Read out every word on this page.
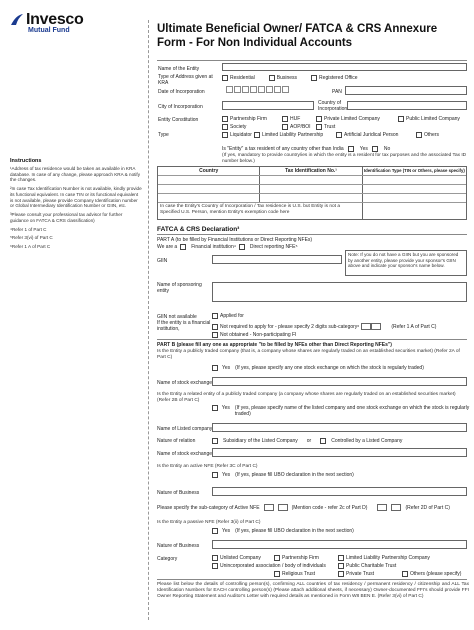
Invesco
Mutual Fund	Ultimate Beneficial Owner/ FATCA & CRS Annexure
Form - For Non Individual Accounts
Name of the Entity
Type of Address given at KRA
Residential	Business	Registered Office
Date of Incorporation	PAN
City of Incorporation
Country of Incorporation
Entity Constitution
Type
Partnership Firm	HUF	Private Limited Company	Public Limited Company
Society	AOP/BOI	Trust
Liquidator Limited Liability Partnership	Artificial Juridical Person	Others
Is "Entity" a tax resident of any country other than India	Yes	No
(If yes, mandatory to provide country/ies in which the entity is a resident for tax purposes and the associated Tax ID number below.)
Country	Tax Identification No.¹	Identification Type (TIN or Others, please specify)
In case the Entity's Country of Incorporation / Tax residence is U.S. but Entity is not a Specified U.S. Person, mention Entity's exemption code here
Instructions
¹Address of tax residence would be taken as available in KRA database. In case of any change, please approach KRA & notify the changes.
²In case Tax Identification Number is not available, kindly provide its functional equivalent. In case TIN or its functional equivalent is not available, please provide Company Identification number or Global Intermediary Identification Number or GIIN, etc.
³Please consult your professional tax advisor for further guidance on FATCA & CRS classification)
⁴Refer 1 of Part C
⁵Refer 3(vi) of Part C
⁶Refer 1 A of Part C
FATCA & CRS Declaration³
PART A (to be filled by Financial Institutions or Direct Reporting NFEs)
We are a	Financial institution⁴	Direct reporting NFE⁵
GIIN
Note: If you do not have a GIIN but you are sponsored by another entity, please provide your sponsor's GIIN above and indicate your sponsor's name below.
Name of sponsoring entity
GIIN not available
If the entity is a financial institution,
Applied for
Not required to apply for - please specify 2 digits sub-category⁶	(Refer 1 A of Part C)
Not obtained - Non-participating FI
PART B (please fill any one as appropriate "to be filled by NFEs other than Direct Reporting NFEs")
Is the Entity a publicly traded company (that is, a company whose shares are regularly traded on an established securities market) (Refer 2A of Part C)
Yes (If yes, please specify any one stock exchange on which the stock is regularly traded)
Name of stock exchange
Is the Entity a related entity of a publicly traded company (a company whose shares are regularly traded on an established securities market) (Refer 2B of Part C)
Yes (If yes, please specify name of the listed company and one stock exchange on which the stock is regularly traded)
Name of Listed company
Nature of relation	Subsidiary of the Listed Company or	Controlled by a Listed Company
Name of stock exchange
Is the Entity an active NFE (Refer 3C of Part C)
Yes (If yes, please fill UBO declaration in the next section)
Nature of Business
Please specify the sub-category of Active NFE	(Mention code - refer 2c of Part D)	(Refer 2D of Part C)
Is the Entity a passive NFE (Refer 3(ii) of Part C)
Yes (If yes, please fill UBO declaration in the next section)
Nature of Business
Category	Unlisted Company	Partnership Firm	Limited Liability Partnership Company
Unincorporated association / body of individuals	Public Charitable Trust
Religious Trust	Private Trust	Others (please specify)
Please list below the details of controlling person(s), confirming ALL countries of tax residency / permanent residency / citizenship and ALL Tax Identification Numbers for EACH controlling person(s) (Please attach additional sheets, if necessary) Owner-documented FFI's should provide FFI Owner Reporting Statement and Auditor's Letter with required details as mentioned in Form W8 BEN E. (Refer 3(vi) of Part C)
